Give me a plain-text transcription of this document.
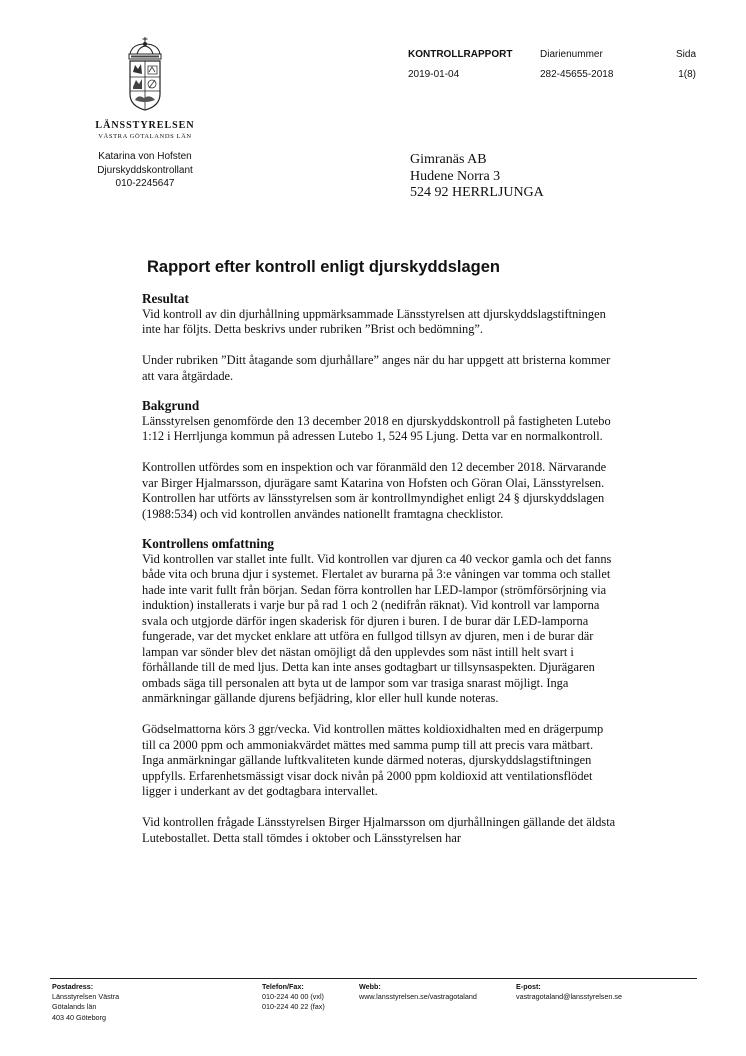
LÄNSSTYRELSEN
VÄSTRA GÖTALANDS LÄN
Katarina von Hofsten
Djurskyddskontrollant
010-2245647
KONTROLLRAPPORT
2019-01-04
Diarienummer
282-45655-2018
Sida
1(8)
Gimranäs AB
Hudene Norra 3
524 92 HERRLJUNGA
Rapport efter kontroll enligt djurskyddslagen
Resultat

Vid kontroll av din djurhållning uppmärksammade Länsstyrelsen att djurskyddslagstiftningen inte har följts. Detta beskrivs under rubriken ”Brist och bedömning”.

Under rubriken ”Ditt åtagande som djurhållare” anges när du har uppgett att bristerna kommer att vara åtgärdade.

Bakgrund

Länsstyrelsen genomförde den 13 december 2018 en djurskyddskontroll på fastigheten Lutebo 1:12 i Herrljunga kommun på adressen Lutebo 1, 524 95 Ljung. Detta var en normalkontroll.

Kontrollen utfördes som en inspektion och var föranmäld den 12 december 2018. Närvarande var Birger Hjalmarsson, djurägare samt Katarina von Hofsten och Göran Olai, Länsstyrelsen. Kontrollen har utförts av länsstyrelsen som är kontrollmyndighet enligt 24 § djurskyddslagen (1988:534) och vid kontrollen användes nationellt framtagna checklistor.

Kontrollens omfattning

Vid kontrollen var stallet inte fullt. Vid kontrollen var djuren ca 40 veckor gamla och det fanns både vita och bruna djur i systemet. Flertalet av burarna på 3:e våningen var tomma och stallet hade inte varit fullt från början. Sedan förra kontrollen har LED-lampor (strömförsörjning via induktion) installerats i varje bur på rad 1 och 2 (nedifrån räknat). Vid kontroll var lamporna svala och utgjorde därför ingen skaderisk för djuren i buren. I de burar där LED-lamporna fungerade, var det mycket enklare att utföra en fullgod tillsyn av djuren, men i de burar där lampan var sönder blev det nästan omöjligt då den upplevdes som näst intill helt svart i förhållande till de med ljus. Detta kan inte anses godtagbart ur tillsynsaspekten. Djurägaren ombads säga till personalen att byta ut de lampor som var trasiga snarast möjligt. Inga anmärkningar gällande djurens befjädring, klor eller hull kunde noteras.

Gödselmattorna körs 3 ggr/vecka. Vid kontrollen mättes koldioxidhalten med en drägerpump till ca 2000 ppm och ammoniakvärdet mättes med samma pump till att precis vara mätbart. Inga anmärkningar gällande luftkvaliteten kunde därmed noteras, djurskyddslagstiftningen uppfylls. Erfarenhetsmässigt visar dock nivån på 2000 ppm koldioxid att ventilationsflödet ligger i underkant av det godtagbara intervallet.

Vid kontrollen frågade Länsstyrelsen Birger Hjalmarsson om djurhållningen gällande det äldsta Lutebostallet. Detta stall tömdes i oktober och Länsstyrelsen har

Postadress:
Länsstyrelsen Västra
Götalands län
403 40 Göteborg
Telefon/Fax:
010-224 40 00 (vxl)
010-224 40 22 (fax)
Webb:
www.lansstyrelsen.se/vastragotaland
E-post:
vastragotaland@lansstyrelsen.se
